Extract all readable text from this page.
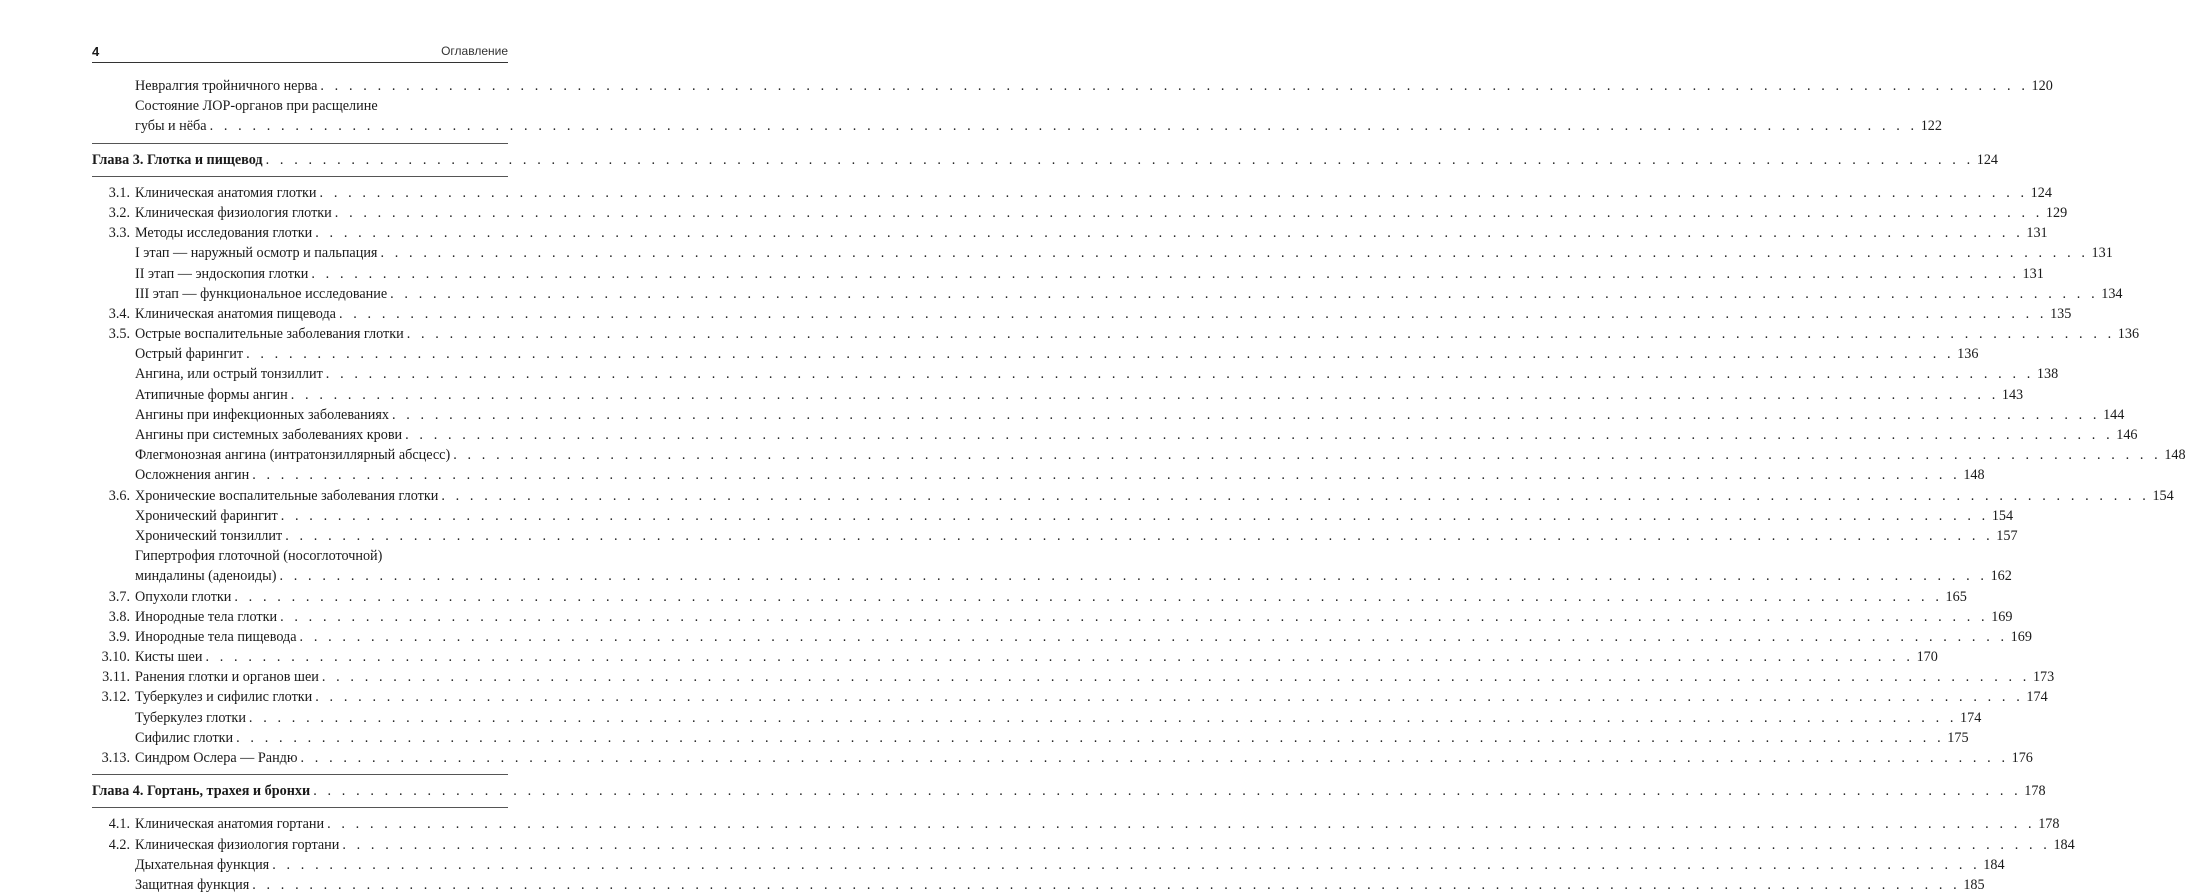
4	Оглавление
Невралгия тройничного нерва . . . . . . . . . . . . . . . . . . . . . . . . . . . . . . . . . . . . . . . . . . . . . . . . . . . . . . . . . . . . . . . . . . . . . . . . . . . . . . . . . . . . . . . . . . . . . . . . . . . . . . . . . . . . . . . . . . . . . . . . 120
Состояние ЛОР-органов при расщелине
губы и нёба . . . . . . . . . . . . . . . . . . . . . . . . . . . . . . . . . . . . . . . . . . . . . . . . . . . . . . . . . . . . . . . . . . . . . . . . . . . . . . . . . . . . . . . . . . . . . . . . . . . . . . . . . . . . . . . . . . . . . . . . 122
Глава 3. Глотка и пищевод . . . . . . . . . . . . . . . . . . . . . . . . . . . . . . . . . . . . . . . . . . . . . . . . . . . . . . . . . . . . . . . . . . . . . . . . . . . . . . . . . . . . . . . . . . . . . . . . . . . . . . . . . . . . . . . . . . . . . . . . 124
3.1. Клиническая анатомия глотки . . . . . . . . . . . . . . . . . . . . . . . . . . . . . . . . . . . . . . . . . . . . . . . . . . . . . . . . . . . . . . . . . . . . . . . . . . . . . . . . . . . . . . . . . . . . . . . . . . . . . . . . . . . . . . . . . . . . . . . . 124
3.2. Клиническая физиология глотки . . . . . . . . . . . . . . . . . . . . . . . . . . . . . . . . . . . . . . . . . . . . . . . . . . . . . . . . . . . . . . . . . . . . . . . . . . . . . . . . . . . . . . . . . . . . . . . . . . . . . . . . . . . . . . . . . . . . . . . . 129
3.3. Методы исследования глотки . . . . . . . . . . . . . . . . . . . . . . . . . . . . . . . . . . . . . . . . . . . . . . . . . . . . . . . . . . . . . . . . . . . . . . . . . . . . . . . . . . . . . . . . . . . . . . . . . . . . . . . . . . . . . . . . . . . . . . . . 131
I этап — наружный осмотр и пальпация . . . . . . . . . . . . . . . . . . . . . . . . . . . . . . . . . . . . . . . . . . . . . . . . . . . . . . . . . . . . . . . . . . . . . . . . . . . . . . . . . . . . . . . . . . . . . . . . . . . . . . . . . . . . . . . . . . . . . . . . 131
II этап — эндоскопия глотки . . . . . . . . . . . . . . . . . . . . . . . . . . . . . . . . . . . . . . . . . . . . . . . . . . . . . . . . . . . . . . . . . . . . . . . . . . . . . . . . . . . . . . . . . . . . . . . . . . . . . . . . . . . . . . . . . . . . . . . . 131
III этап — функциональное исследование . . . . . . . . . . . . . . . . . . . . . . . . . . . . . . . . . . . . . . . . . . . . . . . . . . . . . . . . . . . . . . . . . . . . . . . . . . . . . . . . . . . . . . . . . . . . . . . . . . . . . . . . . . . . . . . . . . . . . . . . 134
3.4. Клиническая анатомия пищевода . . . . . . . . . . . . . . . . . . . . . . . . . . . . . . . . . . . . . . . . . . . . . . . . . . . . . . . . . . . . . . . . . . . . . . . . . . . . . . . . . . . . . . . . . . . . . . . . . . . . . . . . . . . . . . . . . . . . . . . . 135
3.5. Острые воспалительные заболевания глотки . . . . . . . . . . . . . . . . . . . . . . . . . . . . . . . . . . . . . . . . . . . . . . . . . . . . . . . . . . . . . . . . . . . . . . . . . . . . . . . . . . . . . . . . . . . . . . . . . . . . . . . . . . . . . . . . . . . . . . . . 136
Острый фарингит . . . . . . . . . . . . . . . . . . . . . . . . . . . . . . . . . . . . . . . . . . . . . . . . . . . . . . . . . . . . . . . . . . . . . . . . . . . . . . . . . . . . . . . . . . . . . . . . . . . . . . . . . . . . . . . . . . . . . . . . 136
Ангина, или острый тонзиллит . . . . . . . . . . . . . . . . . . . . . . . . . . . . . . . . . . . . . . . . . . . . . . . . . . . . . . . . . . . . . . . . . . . . . . . . . . . . . . . . . . . . . . . . . . . . . . . . . . . . . . . . . . . . . . . . . . . . . . . . 138
Атипичные формы ангин . . . . . . . . . . . . . . . . . . . . . . . . . . . . . . . . . . . . . . . . . . . . . . . . . . . . . . . . . . . . . . . . . . . . . . . . . . . . . . . . . . . . . . . . . . . . . . . . . . . . . . . . . . . . . . . . . . . . . . . . 143
Ангины при инфекционных заболеваниях . . . . . . . . . . . . . . . . . . . . . . . . . . . . . . . . . . . . . . . . . . . . . . . . . . . . . . . . . . . . . . . . . . . . . . . . . . . . . . . . . . . . . . . . . . . . . . . . . . . . . . . . . . . . . . . . . . . . . . . . 144
Ангины при системных заболеваниях крови . . . . . . . . . . . . . . . . . . . . . . . . . . . . . . . . . . . . . . . . . . . . . . . . . . . . . . . . . . . . . . . . . . . . . . . . . . . . . . . . . . . . . . . . . . . . . . . . . . . . . . . . . . . . . . . . . . . . . . . . 146
Флегмонозная ангина (интратонзиллярный абсцесс) . . . . . . . . . . . . . . . . . . . . . . . . . . . . . . . . . . . . . . . . . . . . . . . . . . . . . . . . . . . . . . . . . . . . . . . . . . . . . . . . . . . . . . . . . . . . . . . . . . . . . . . . . . . . . . . . . . . . . . . . 148
Осложнения ангин . . . . . . . . . . . . . . . . . . . . . . . . . . . . . . . . . . . . . . . . . . . . . . . . . . . . . . . . . . . . . . . . . . . . . . . . . . . . . . . . . . . . . . . . . . . . . . . . . . . . . . . . . . . . . . . . . . . . . . . . 148
3.6. Хронические воспалительные заболевания глотки . . . . . . . . . . . . . . . . . . . . . . . . . . . . . . . . . . . . . . . . . . . . . . . . . . . . . . . . . . . . . . . . . . . . . . . . . . . . . . . . . . . . . . . . . . . . . . . . . . . . . . . . . . . . . . . . . . . . . . . . 154
Хронический фарингит . . . . . . . . . . . . . . . . . . . . . . . . . . . . . . . . . . . . . . . . . . . . . . . . . . . . . . . . . . . . . . . . . . . . . . . . . . . . . . . . . . . . . . . . . . . . . . . . . . . . . . . . . . . . . . . . . . . . . . . . 154
Хронический тонзиллит . . . . . . . . . . . . . . . . . . . . . . . . . . . . . . . . . . . . . . . . . . . . . . . . . . . . . . . . . . . . . . . . . . . . . . . . . . . . . . . . . . . . . . . . . . . . . . . . . . . . . . . . . . . . . . . . . . . . . . . . 157
Гипертрофия глоточной (носоглоточной)
миндалины (аденоиды) . . . . . . . . . . . . . . . . . . . . . . . . . . . . . . . . . . . . . . . . . . . . . . . . . . . . . . . . . . . . . . . . . . . . . . . . . . . . . . . . . . . . . . . . . . . . . . . . . . . . . . . . . . . . . . . . . . . . . . . . 162
3.7. Опухоли глотки . . . . . . . . . . . . . . . . . . . . . . . . . . . . . . . . . . . . . . . . . . . . . . . . . . . . . . . . . . . . . . . . . . . . . . . . . . . . . . . . . . . . . . . . . . . . . . . . . . . . . . . . . . . . . . . . . . . . . . . . 165
3.8. Инородные тела глотки . . . . . . . . . . . . . . . . . . . . . . . . . . . . . . . . . . . . . . . . . . . . . . . . . . . . . . . . . . . . . . . . . . . . . . . . . . . . . . . . . . . . . . . . . . . . . . . . . . . . . . . . . . . . . . . . . . . . . . . . 169
3.9. Инородные тела пищевода . . . . . . . . . . . . . . . . . . . . . . . . . . . . . . . . . . . . . . . . . . . . . . . . . . . . . . . . . . . . . . . . . . . . . . . . . . . . . . . . . . . . . . . . . . . . . . . . . . . . . . . . . . . . . . . . . . . . . . . . 169
3.10. Кисты шеи . . . . . . . . . . . . . . . . . . . . . . . . . . . . . . . . . . . . . . . . . . . . . . . . . . . . . . . . . . . . . . . . . . . . . . . . . . . . . . . . . . . . . . . . . . . . . . . . . . . . . . . . . . . . . . . . . . . . . . . . 170
3.11. Ранения глотки и органов шеи . . . . . . . . . . . . . . . . . . . . . . . . . . . . . . . . . . . . . . . . . . . . . . . . . . . . . . . . . . . . . . . . . . . . . . . . . . . . . . . . . . . . . . . . . . . . . . . . . . . . . . . . . . . . . . . . . . . . . . . . 173
3.12. Туберкулез и сифилис глотки . . . . . . . . . . . . . . . . . . . . . . . . . . . . . . . . . . . . . . . . . . . . . . . . . . . . . . . . . . . . . . . . . . . . . . . . . . . . . . . . . . . . . . . . . . . . . . . . . . . . . . . . . . . . . . . . . . . . . . . . 174
Туберкулез глотки . . . . . . . . . . . . . . . . . . . . . . . . . . . . . . . . . . . . . . . . . . . . . . . . . . . . . . . . . . . . . . . . . . . . . . . . . . . . . . . . . . . . . . . . . . . . . . . . . . . . . . . . . . . . . . . . . . . . . . . . 174
Сифилис глотки . . . . . . . . . . . . . . . . . . . . . . . . . . . . . . . . . . . . . . . . . . . . . . . . . . . . . . . . . . . . . . . . . . . . . . . . . . . . . . . . . . . . . . . . . . . . . . . . . . . . . . . . . . . . . . . . . . . . . . . . 175
3.13. Синдром Ослера — Рандю . . . . . . . . . . . . . . . . . . . . . . . . . . . . . . . . . . . . . . . . . . . . . . . . . . . . . . . . . . . . . . . . . . . . . . . . . . . . . . . . . . . . . . . . . . . . . . . . . . . . . . . . . . . . . . . . . . . . . . . . 176
Глава 4. Гортань, трахея и бронхи . . . . . . . . . . . . . . . . . . . . . . . . . . . . . . . . . . . . . . . . . . . . . . . . . . . . . . . . . . . . . . . . . . . . . . . . . . . . . . . . . . . . . . . . . . . . . . . . . . . . . . . . . . . . . . . . . . . . . . . . 178
4.1. Клиническая анатомия гортани . . . . . . . . . . . . . . . . . . . . . . . . . . . . . . . . . . . . . . . . . . . . . . . . . . . . . . . . . . . . . . . . . . . . . . . . . . . . . . . . . . . . . . . . . . . . . . . . . . . . . . . . . . . . . . . . . . . . . . . . 178
4.2. Клиническая физиология гортани . . . . . . . . . . . . . . . . . . . . . . . . . . . . . . . . . . . . . . . . . . . . . . . . . . . . . . . . . . . . . . . . . . . . . . . . . . . . . . . . . . . . . . . . . . . . . . . . . . . . . . . . . . . . . . . . . . . . . . . . 184
Дыхательная функция . . . . . . . . . . . . . . . . . . . . . . . . . . . . . . . . . . . . . . . . . . . . . . . . . . . . . . . . . . . . . . . . . . . . . . . . . . . . . . . . . . . . . . . . . . . . . . . . . . . . . . . . . . . . . . . . . . . . . . . . 184
Защитная функция . . . . . . . . . . . . . . . . . . . . . . . . . . . . . . . . . . . . . . . . . . . . . . . . . . . . . . . . . . . . . . . . . . . . . . . . . . . . . . . . . . . . . . . . . . . . . . . . . . . . . . . . . . . . . . . . . . . . . . . . 185
